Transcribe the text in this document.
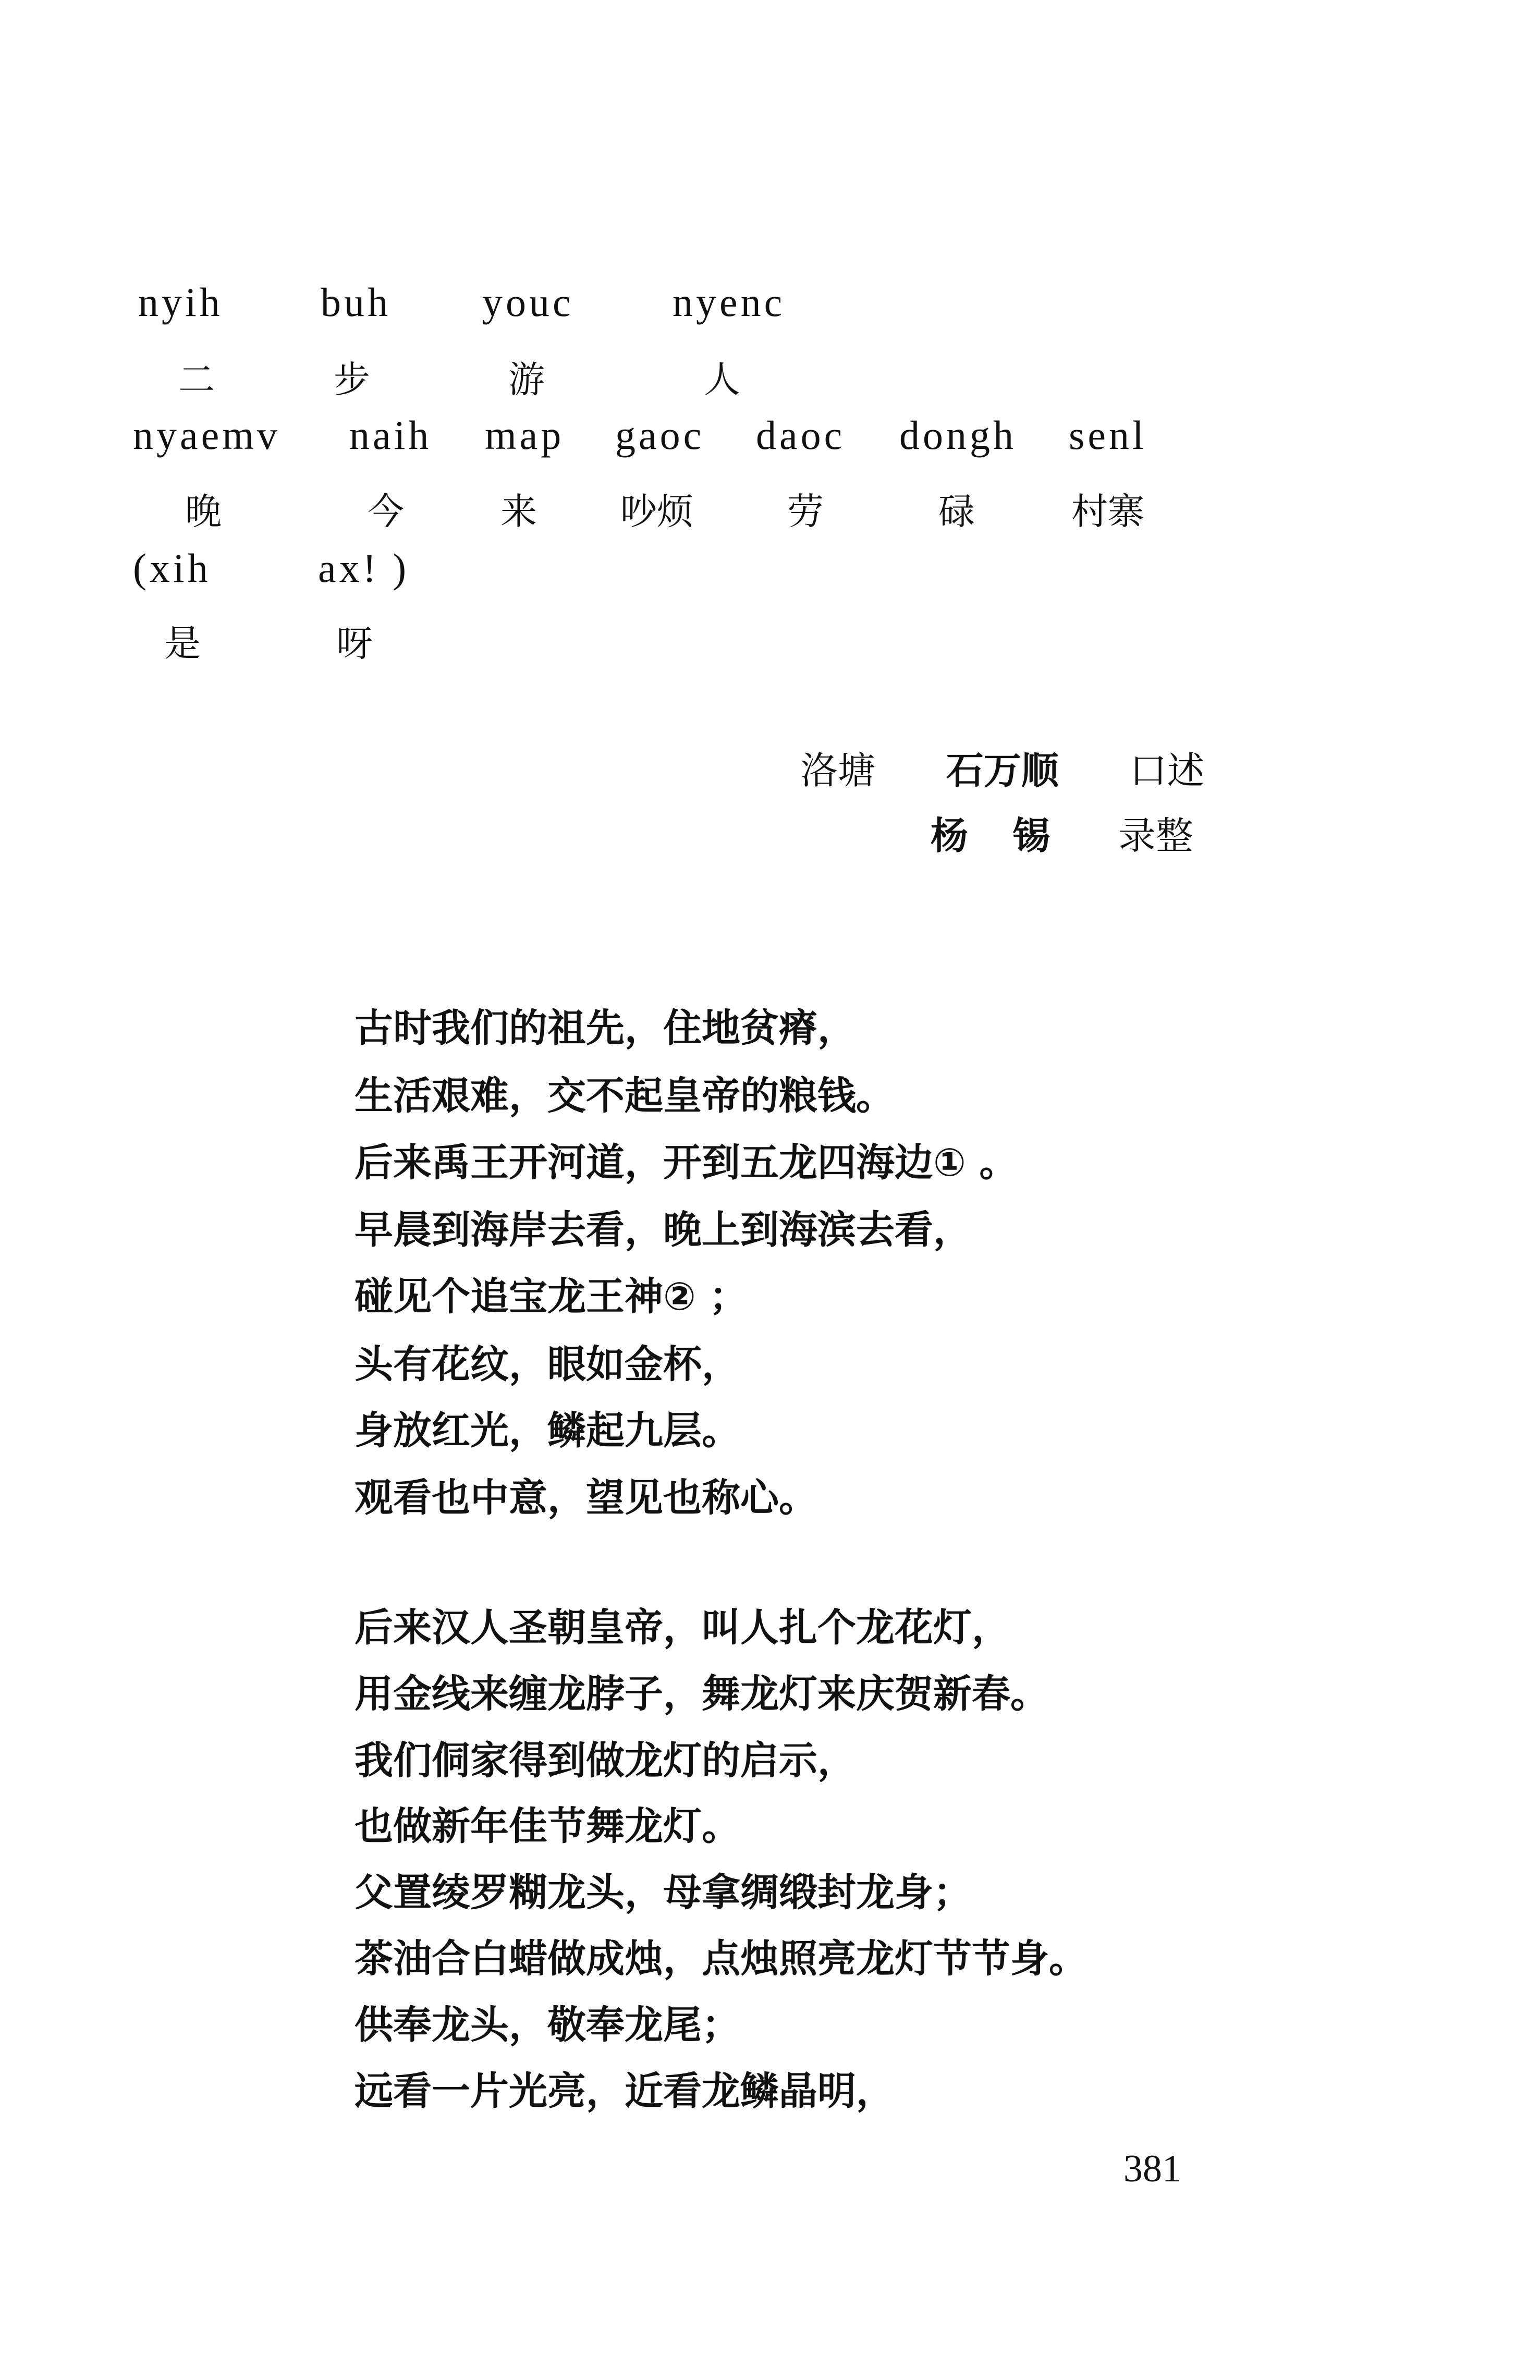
nyih buh youc nyenc
二	步	游	人
nyaemv naih map gaoc daoc dongh senl
晚	今	来 吵烦	劳	碌	村寨
(xih	ax! )
是	呀
洛塘 石万顺 口述
杨 锡 录整
古时我们的祖先，住地贫瘠，
生活艰难，交不起皇帝的粮钱。
后来禹王开河道，开到五龙四海边① 。
早晨到海岸去看，晚上到海滨去看，
碰见个追宝龙王神② ；
头有花纹，眼如金杯，
身放红光，鳞起九层。
观看也中意，望见也称心。
后来汉人圣朝皇帝，叫人扎个龙花灯，
用金线来缠龙脖子，舞龙灯来庆贺新春。
我们侗家得到做龙灯的启示，
也做新年佳节舞龙灯。
父置绫罗糊龙头，母拿绸缎封龙身；
茶油合白蜡做成烛，点烛照亮龙灯节节身。
供奉龙头，敬奉龙尾；
远看一片光亮，近看龙鳞晶明，
381
